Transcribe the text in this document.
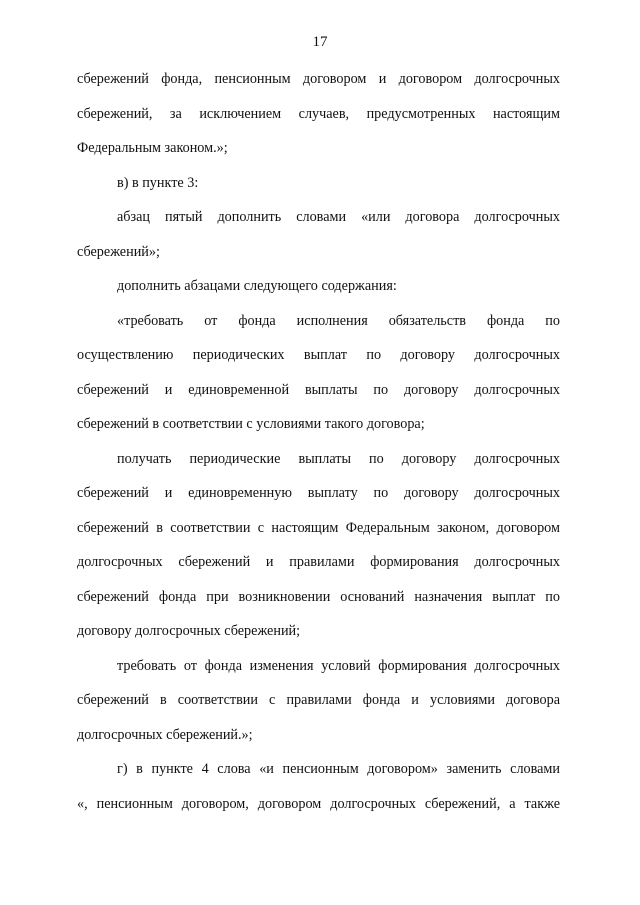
17
сбережений фонда, пенсионным договором и договором долгосрочных
сбережений, за исключением случаев, предусмотренных настоящим
Федеральным законом.»;
в) в пункте 3:
абзац пятый дополнить словами «или договора долгосрочных
сбережений»;
дополнить абзацами следующего содержания:
«требовать от фонда исполнения обязательств фонда по
осуществлению периодических выплат по договору долгосрочных
сбережений и единовременной выплаты по договору долгосрочных
сбережений в соответствии с условиями такого договора;
получать периодические выплаты по договору долгосрочных
сбережений и единовременную выплату по договору долгосрочных
сбережений в соответствии с настоящим Федеральным законом, договором
долгосрочных сбережений и правилами формирования долгосрочных
сбережений фонда при возникновении оснований назначения выплат по
договору долгосрочных сбережений;
требовать от фонда изменения условий формирования долгосрочных
сбережений в соответствии с правилами фонда и условиями договора
долгосрочных сбережений.»;
г) в пункте 4 слова «и пенсионным договором» заменить словами
«, пенсионным договором, договором долгосрочных сбережений, а также
